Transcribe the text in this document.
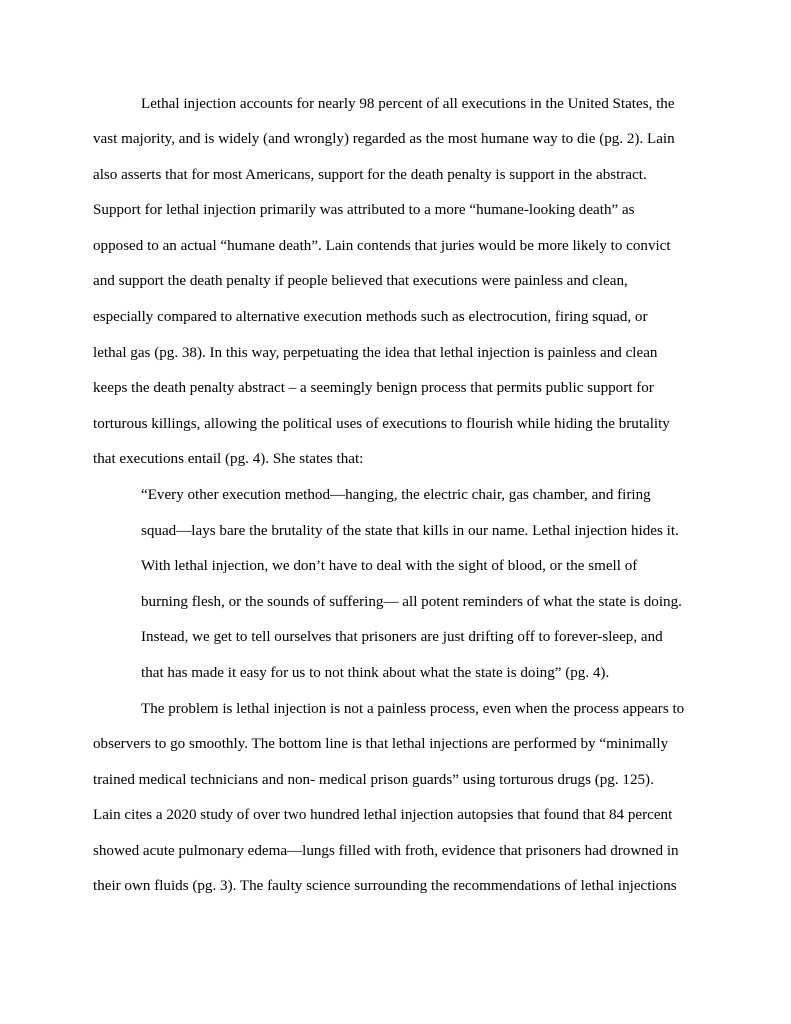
Lethal injection accounts for nearly 98 percent of all executions in the United States, the
vast majority, and is widely (and wrongly) regarded as the most humane way to die (pg. 2). Lain
also asserts that for most Americans, support for the death penalty is support in the abstract.
Support for lethal injection primarily was attributed to a more “humane-looking death” as
opposed to an actual “humane death”. Lain contends that juries would be more likely to convict
and support the death penalty if people believed that executions were painless and clean,
especially compared to alternative execution methods such as electrocution, firing squad, or
lethal gas (pg. 38). In this way, perpetuating the idea that lethal injection is painless and clean
keeps the death penalty abstract – a seemingly benign process that permits public support for
torturous killings, allowing the political uses of executions to flourish while hiding the brutality
that executions entail (pg. 4). She states that:
“Every other execution method—hanging, the electric chair, gas chamber, and firing
squad—lays bare the brutality of the state that kills in our name. Lethal injection hides it.
With lethal injection, we don’t have to deal with the sight of blood, or the smell of
burning flesh, or the sounds of suffering— all potent reminders of what the state is doing.
Instead, we get to tell ourselves that prisoners are just drifting off to forever-sleep, and
that has made it easy for us to not think about what the state is doing” (pg. 4).
The problem is lethal injection is not a painless process, even when the process appears to
observers to go smoothly. The bottom line is that lethal injections are performed by “minimally
trained medical technicians and non- medical prison guards” using torturous drugs (pg. 125).
Lain cites a 2020 study of over two hundred lethal injection autopsies that found that 84 percent
showed acute pulmonary edema—lungs filled with froth, evidence that prisoners had drowned in
their own fluids (pg. 3). The faulty science surrounding the recommendations of lethal injections
